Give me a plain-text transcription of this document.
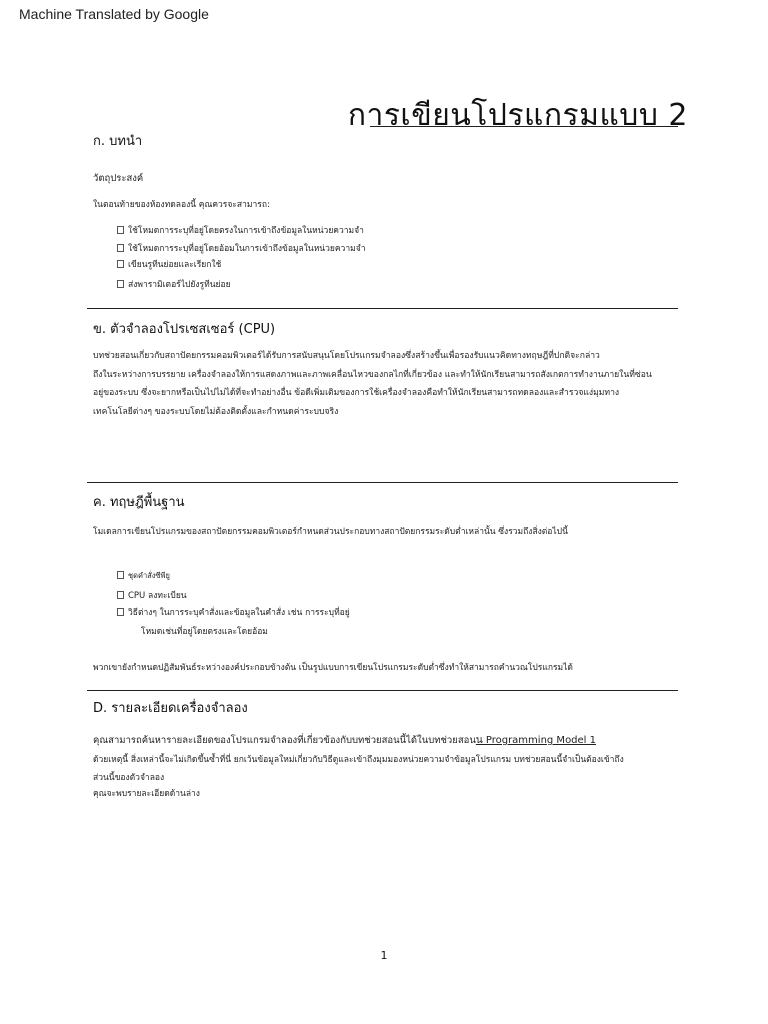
Machine Translated by Google
การเขียนโปรแกรมแบบ 2
ก. บทนำ
วัตถุประสงค์
ในตอนท้ายของห้องทดลองนี้ คุณควรจะสามารถ:
ใช้โหมดการระบุที่อยู่โดยตรงในการเข้าถึงข้อมูลในหน่วยความจำ
ใช้โหมดการระบุที่อยู่โดยอ้อมในการเข้าถึงข้อมูลในหน่วยความจำ
เขียนรูทีนย่อยและเรียกใช้
ส่งพารามิเตอร์ไปยังรูทีนย่อย
ข. ตัวจำลองโปรเซสเซอร์ (CPU)
บทช่วยสอนเกี่ยวกับสถาปัตยกรรมคอมพิวเตอร์ได้รับการสนับสนุนโดยโปรแกรมจำลองซึ่งสร้างขึ้นเพื่อรองรับแนวคิดทางทฤษฎีที่ปกติจะกล่าว
ถึงในระหว่างการบรรยาย เครื่องจำลองให้การแสดงภาพและภาพเคลื่อนไหวของกลไกที่เกี่ยวข้อง และทำให้นักเรียนสามารถสังเกตการทำงานภายในที่ซ่อน
อยู่ของระบบ ซึ่งจะยากหรือเป็นไปไม่ได้ที่จะทำอย่างอื่น ข้อดีเพิ่มเติมของการใช้เครื่องจำลองคือทำให้นักเรียนสามารถทดลองและสำรวจแง่มุมทาง
เทคโนโลยีต่างๆ ของระบบโดยไม่ต้องติดตั้งและกำหนดค่าระบบจริง
ค. ทฤษฎีพื้นฐาน
โมเดลการเขียนโปรแกรมของสถาปัตยกรรมคอมพิวเตอร์กำหนดส่วนประกอบทางสถาปัตยกรรมระดับต่ำเหล่านั้น ซึ่งรวมถึงสิ่งต่อไปนี้
ชุดคำสั่งซีพียู
CPU ลงทะเบียน
วิธีต่างๆ ในการระบุคำสั่งและข้อมูลในคำสั่ง เช่น การระบุที่อยู่
โหมดเช่นที่อยู่โดยตรงและโดยอ้อม
พวกเขายังกำหนดปฏิสัมพันธ์ระหว่างองค์ประกอบข้างต้น เป็นรูปแบบการเขียนโปรแกรมระดับต่ำซึ่งทำให้สามารถคำนวณโปรแกรมได้
D. รายละเอียดเครื่องจำลอง
คุณสามารถค้นหารายละเอียดของโปรแกรมจำลองที่เกี่ยวข้องกับบทช่วยสอนนี้ได้ในบทช่วยสอนน Programming Model 1
ด้วยเหตุนี้ สิ่งเหล่านี้จะไม่เกิดขึ้นซ้ำที่นี่ ยกเว้นข้อมูลใหม่เกี่ยวกับวิธีดูและเข้าถึงมุมมองหน่วยความจำข้อมูลโปรแกรม บทช่วยสอนนี้จำเป็นต้องเข้าถึง
ส่วนนี้ของตัวจำลอง
คุณจะพบรายละเอียดด้านล่าง
1
